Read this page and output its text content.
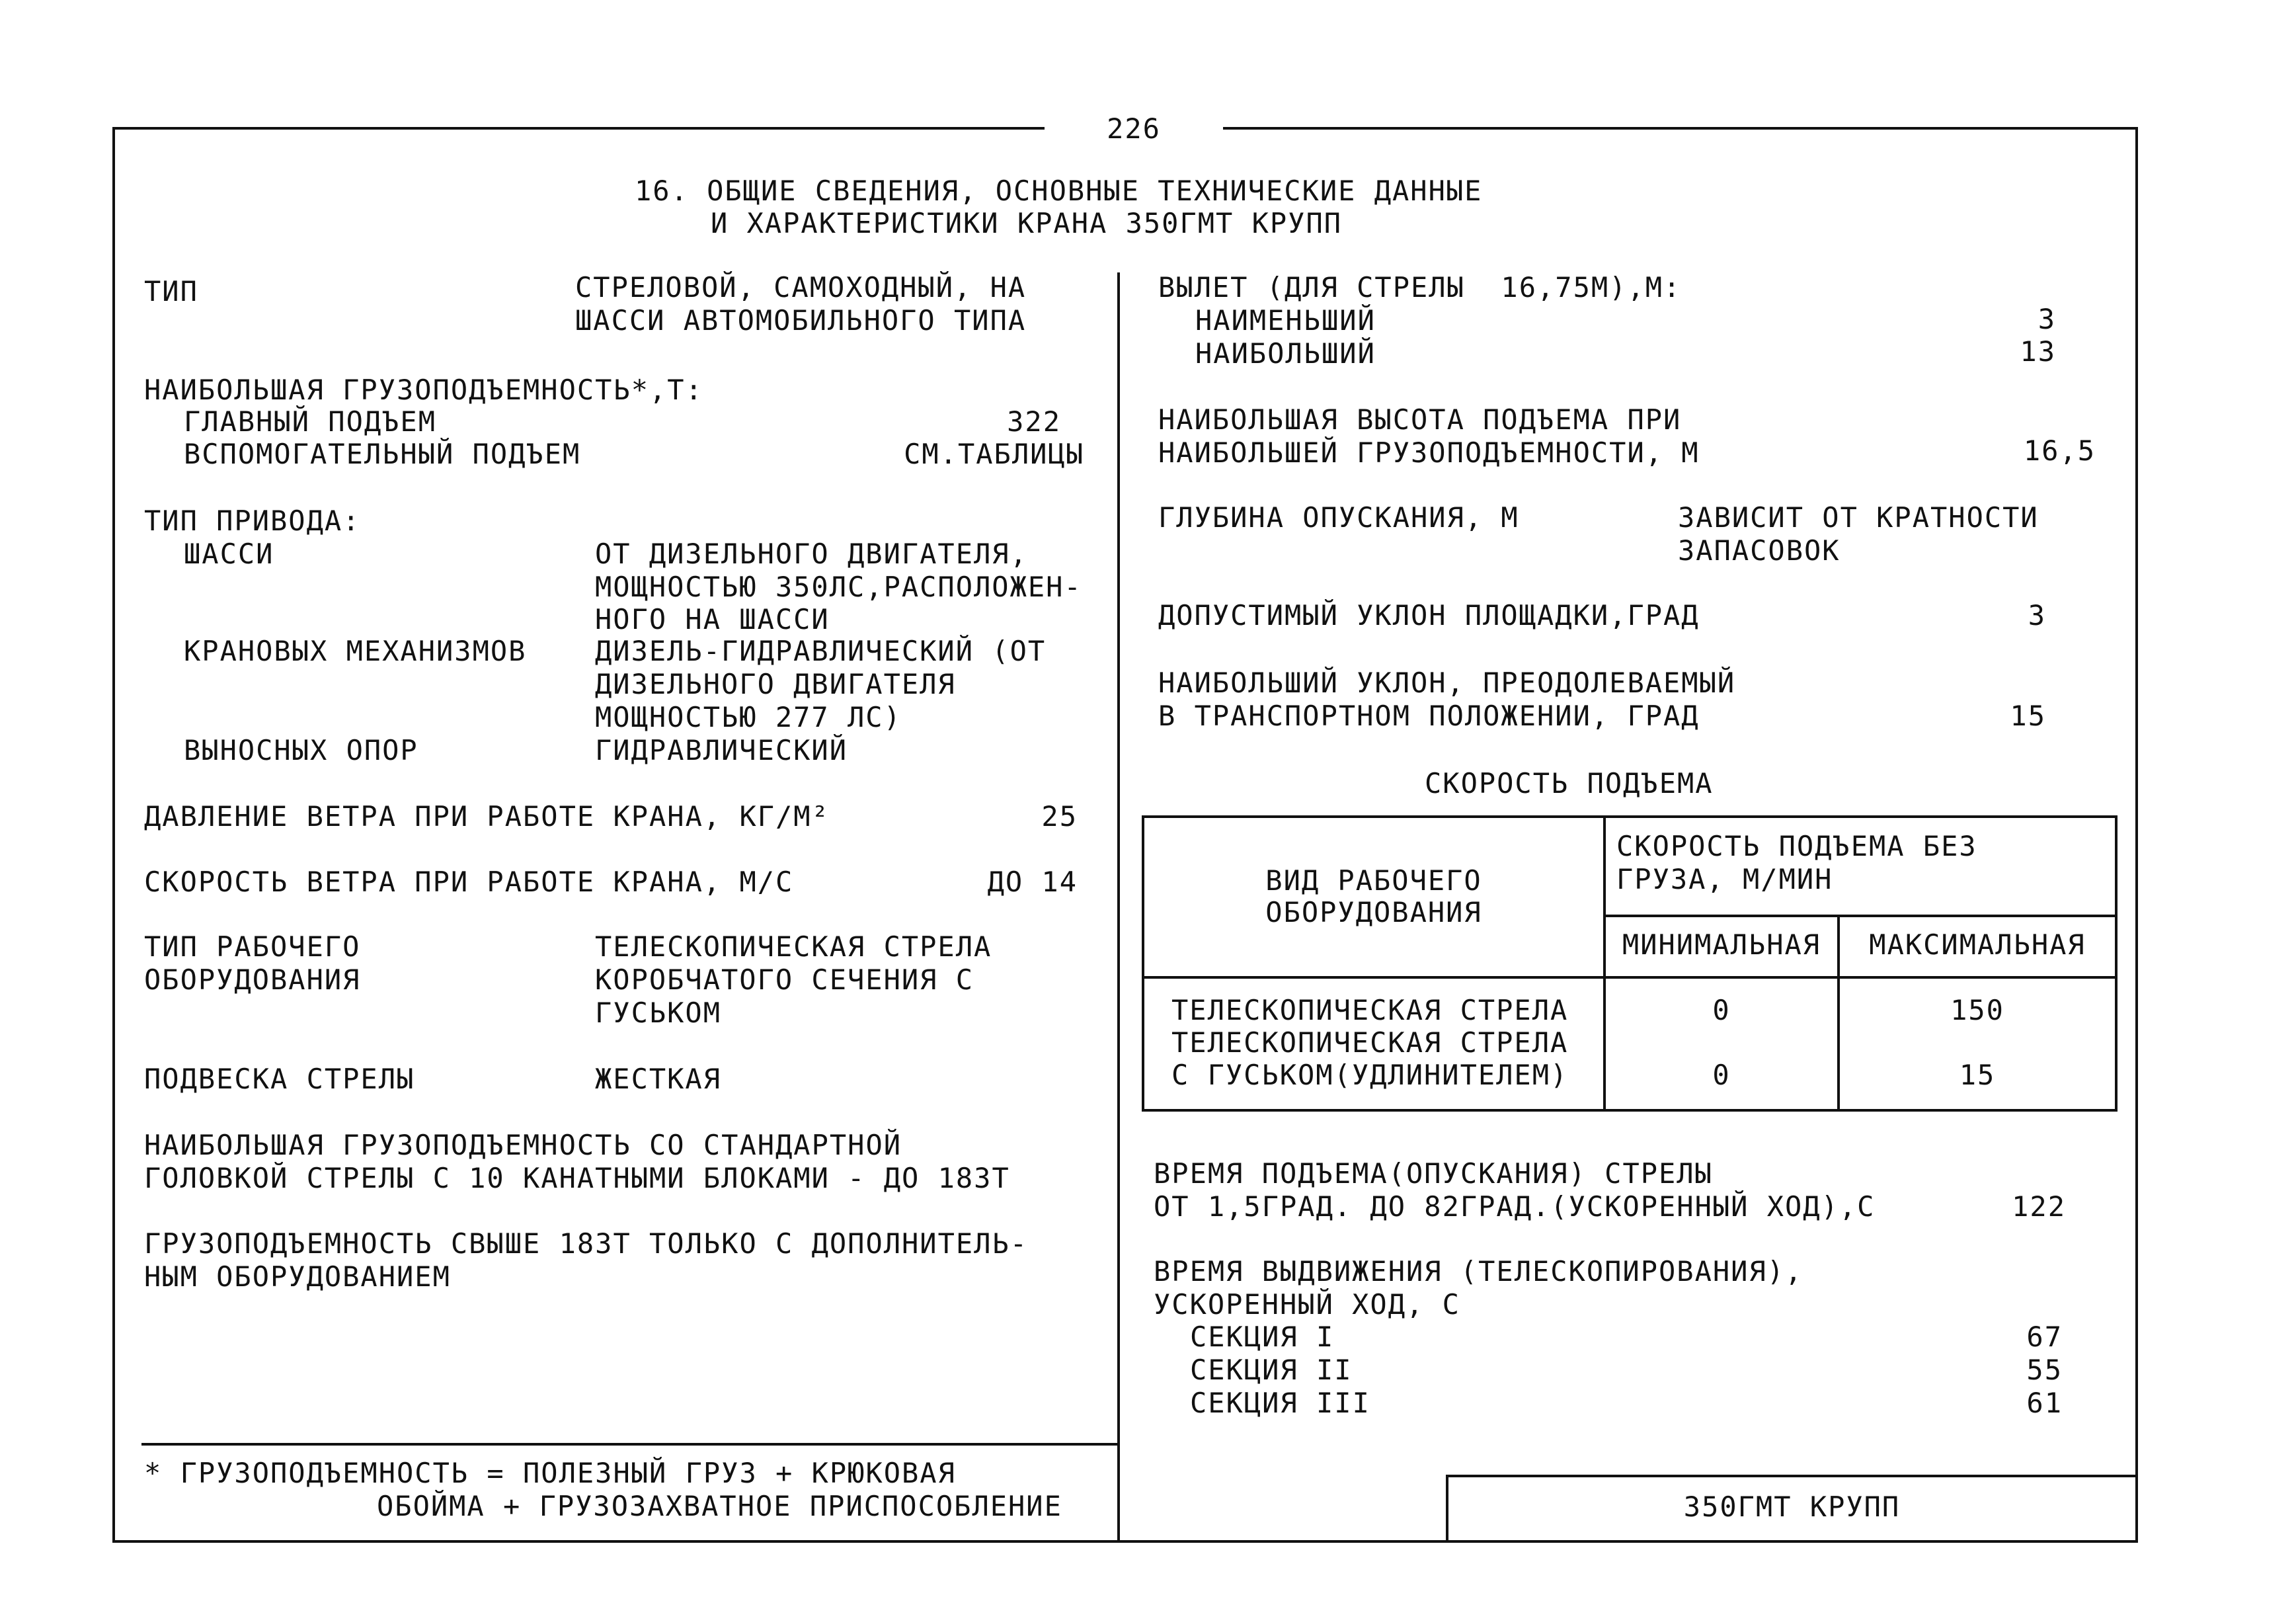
226
16. ОБЩИЕ СВЕДЕНИЯ, ОСНОВНЫЕ ТЕХНИЧЕСКИЕ ДАННЫЕ
И ХАРАКТЕРИСТИКИ КРАНА 350ГМТ КРУПП
ТИП	СТРЕЛОВОЙ, САМОХОДНЫЙ, НА
ШАССИ АВТОМОБИЛЬНОГО ТИПА
НАИБОЛЬШАЯ ГРУЗОПОДЪЕМНОСТЬ*,Т:
ГЛАВНЫЙ ПОДЪЕМ	322
ВСПОМОГАТЕЛЬНЫЙ ПОДЪЕМ	СМ.ТАБЛИЦЫ
ТИП ПРИВОДА:
ШАССИ	ОТ ДИЗЕЛЬНОГО ДВИГАТЕЛЯ,
МОЩНОСТЬЮ 350ЛС,РАСПОЛОЖЕН-
НОГО НА ШАССИ
КРАНОВЫХ МЕХАНИЗМОВ ДИЗЕЛЬ-ГИДРАВЛИЧЕСКИЙ (ОТ
ДИЗЕЛЬНОГО ДВИГАТЕЛЯ
МОЩНОСТЬЮ 277 ЛС)
ВЫНОСНЫХ ОПОР	ГИДРАВЛИЧЕСКИЙ
ДАВЛЕНИЕ ВЕТРА ПРИ РАБОТЕ КРАНА, КГ/М²	25
СКОРОСТЬ ВЕТРА ПРИ РАБОТЕ КРАНА, М/С	ДО 14
ТИП РАБОЧЕГО
ОБОРУДОВАНИЯ
ТЕЛЕСКОПИЧЕСКАЯ СТРЕЛА
КОРОБЧАТОГО СЕЧЕНИЯ С
ГУСЬКОМ
ПОДВЕСКА СТРЕЛЫ	ЖЕСТКАЯ
НАИБОЛЬШАЯ ГРУЗОПОДЪЕМНОСТЬ СО СТАНДАРТНОЙ
ГОЛОВКОЙ СТРЕЛЫ С 10 КАНАТНЫМИ БЛОКАМИ - ДО 183Т
ГРУЗОПОДЪЕМНОСТЬ СВЫШЕ 183Т ТОЛЬКО С ДОПОЛНИТЕЛЬ-
НЫМ ОБОРУДОВАНИЕМ
* ГРУЗОПОДЪЕМНОСТЬ = ПОЛЕЗНЫЙ ГРУЗ + КРЮКОВАЯ
ОБОЙМА + ГРУЗОЗАХВАТНОЕ ПРИСПОСОБЛЕНИЕ
ВЫЛЕТ (ДЛЯ СТРЕЛЫ  16,75М),М:
НАИМЕНЬШИЙ	3
НАИБОЛЬШИЙ	13
НАИБОЛЬШАЯ ВЫСОТА ПОДЪЕМА ПРИ
НАИБОЛЬШЕЙ ГРУЗОПОДЪЕМНОСТИ, М	16,5
ГЛУБИНА ОПУСКАНИЯ, М	ЗАВИСИТ ОТ КРАТНОСТИ
ЗАПАСОВОК
ДОПУСТИМЫЙ УКЛОН ПЛОЩАДКИ,ГРАД	3
НАИБОЛЬШИЙ УКЛОН, ПРЕОДОЛЕВАЕМЫЙ
В ТРАНСПОРТНОМ ПОЛОЖЕНИИ, ГРАД	15
СКОРОСТЬ ПОДЪЕМА
ВИД РАБОЧЕГО
ОБОРУДОВАНИЯ
СКОРОСТЬ ПОДЪЕМА БЕЗ
ГРУЗА, М/МИН
МИНИМАЛЬНАЯ	МАКСИМАЛЬНАЯ
ТЕЛЕСКОПИЧЕСКАЯ СТРЕЛА	0	150
ТЕЛЕСКОПИЧЕСКАЯ СТРЕЛА
С ГУСЬКОМ(УДЛИНИТЕЛЕМ)	0	15
ВРЕМЯ ПОДЪЕМА(ОПУСКАНИЯ) СТРЕЛЫ
ОТ 1,5ГРАД. ДО 82ГРАД.(УСКОРЕННЫЙ ХОД),С	122
ВРЕМЯ ВЫДВИЖЕНИЯ (ТЕЛЕСКОПИРОВАНИЯ),
УСКОРЕННЫЙ ХОД, С
СЕКЦИЯ I	67
СЕКЦИЯ II	55
СЕКЦИЯ III	61
350ГМТ КРУПП
